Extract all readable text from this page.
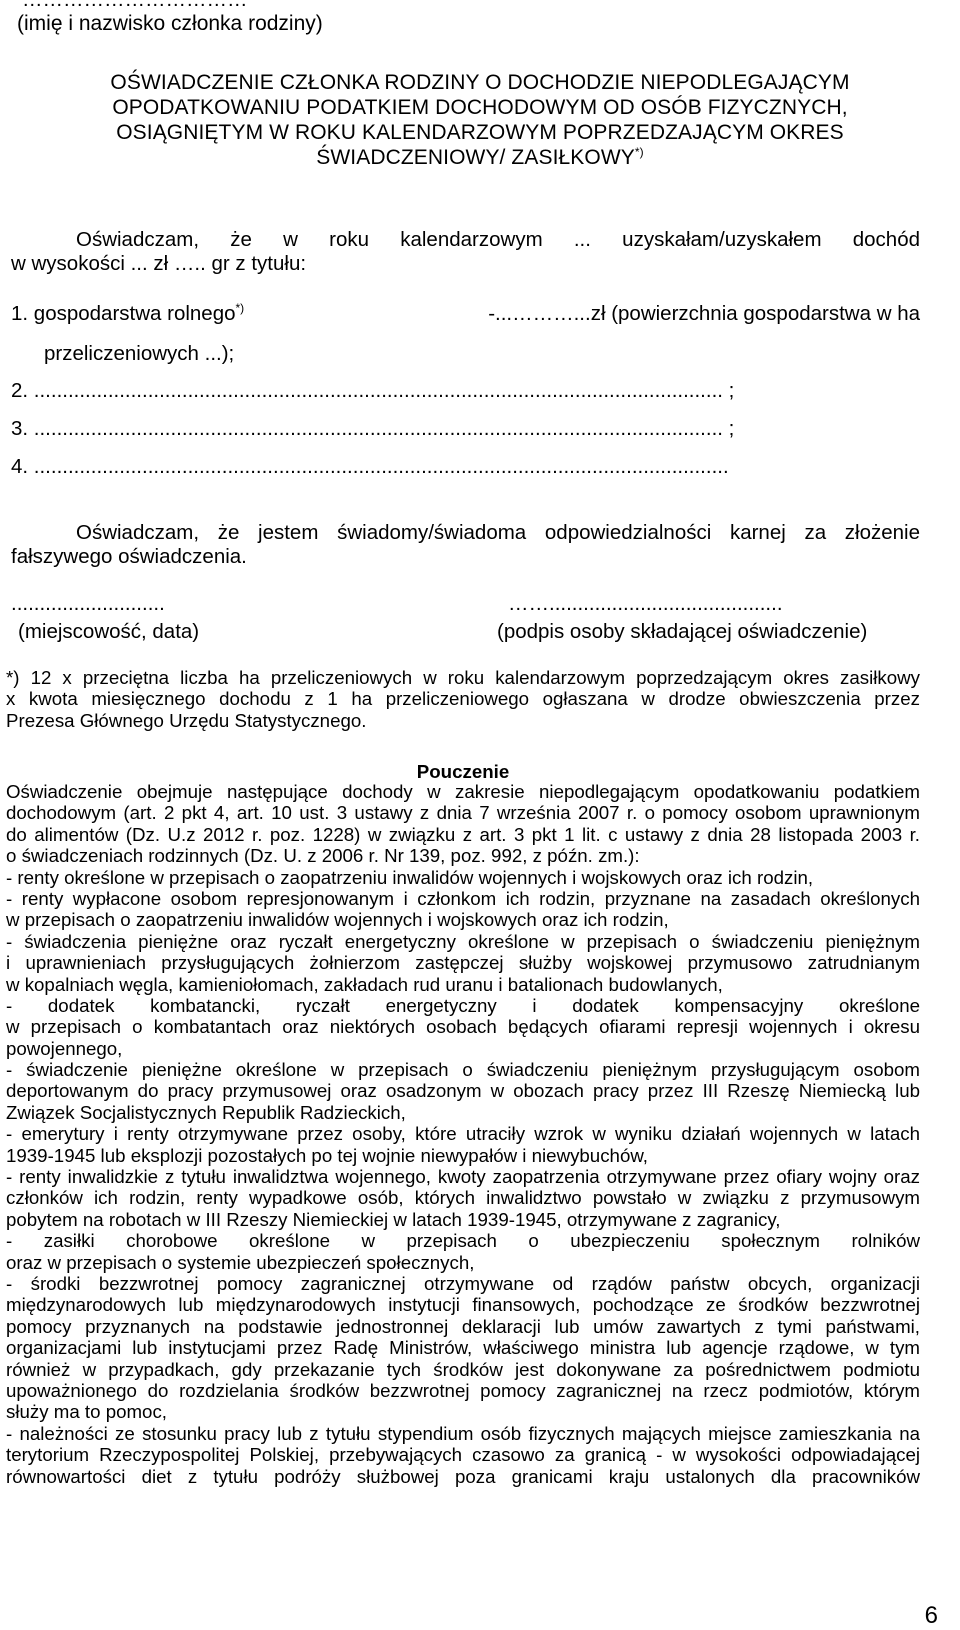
(imię i nazwisko członka rodziny)
OŚWIADCZENIE CZŁONKA RODZINY O DOCHODZIE NIEPODLEGAJĄCYM
OPODATKOWANIU PODATKIEM DOCHODOWYM OD OSÓB FIZYCZNYCH,
OSIĄGNIĘTYM W ROKU KALENDARZOWYM POPRZEDZAJĄCYM OKRES
ŚWIADCZENIOWY/ ZASIŁKOWY*)
Oświadczam, że w roku kalendarzowym ... uzyskałam/uzyskałem dochód
w wysokości ... zł ….. gr z tytułu:
1. gospodarstwa rolnego*)	-...………...zł (powierzchnia gospodarstwa w ha
przeliczeniowych ...);
2. ......................................................................................................................... ;
3. ......................................................................................................................... ;
4. ..........................................................................................................................
Oświadczam, że jestem świadomy/świadoma odpowiedzialności karnej za złożenie
fałszywego oświadczenia.
...........................
(miejscowość, data)
…….........................................
(podpis osoby składającej oświadczenie)
*) 12 x przeciętna liczba ha przeliczeniowych w roku kalendarzowym poprzedzającym okres zasiłkowy
x kwota miesięcznego dochodu z 1 ha przeliczeniowego ogłaszana w drodze obwieszczenia przez
Prezesa Głównego Urzędu Statystycznego.
Pouczenie
Oświadczenie obejmuje następujące dochody w zakresie niepodlegającym opodatkowaniu podatkiem
dochodowym (art. 2 pkt 4, art. 10 ust. 3 ustawy z dnia 7 września 2007 r. o pomocy osobom uprawnionym
do alimentów (Dz. U.z 2012 r. poz. 1228) w związku z art. 3 pkt 1 lit. c ustawy z dnia 28 listopada 2003 r.
o świadczeniach rodzinnych (Dz. U. z 2006 r. Nr 139, poz. 992, z późn. zm.):
- renty określone w przepisach o zaopatrzeniu inwalidów wojennych i wojskowych oraz ich rodzin,
- renty wypłacone osobom represjonowanym i członkom ich rodzin, przyznane na zasadach określonych
w przepisach o zaopatrzeniu inwalidów wojennych i wojskowych oraz ich rodzin,
- świadczenia pieniężne oraz ryczałt energetyczny określone w przepisach o świadczeniu pieniężnym
i uprawnieniach przysługujących żołnierzom zastępczej służby wojskowej przymusowo zatrudnianym
w kopalniach węgla, kamieniołomach, zakładach rud uranu i batalionach budowlanych,
- dodatek kombatancki, ryczałt energetyczny i dodatek kompensacyjny określone
w przepisach o kombatantach oraz niektórych osobach będących ofiarami represji wojennych i okresu
powojennego,
- świadczenie pieniężne określone w przepisach o świadczeniu pieniężnym przysługującym osobom
deportowanym do pracy przymusowej oraz osadzonym w obozach pracy przez III Rzeszę Niemiecką lub
Związek Socjalistycznych Republik Radzieckich,
- emerytury i renty otrzymywane przez osoby, które utraciły wzrok w wyniku działań wojennych w latach
1939-1945 lub eksplozji pozostałych po tej wojnie niewypałów i niewybuchów,
- renty inwalidzkie z tytułu inwalidztwa wojennego, kwoty zaopatrzenia otrzymywane przez ofiary wojny oraz
członków ich rodzin, renty wypadkowe osób, których inwalidztwo powstało w związku z przymusowym
pobytem na robotach w III Rzeszy Niemieckiej w latach 1939-1945, otrzymywane z zagranicy,
- zasiłki chorobowe określone w przepisach o ubezpieczeniu społecznym rolników
oraz w przepisach o systemie ubezpieczeń społecznych,
- środki bezzwrotnej pomocy zagranicznej otrzymywane od rządów państw obcych, organizacji
międzynarodowych lub międzynarodowych instytucji finansowych, pochodzące ze środków bezzwrotnej
pomocy przyznanych na podstawie jednostronnej deklaracji lub umów zawartych z tymi państwami,
organizacjami lub instytucjami przez Radę Ministrów, właściwego ministra lub agencje rządowe, w tym
również w przypadkach, gdy przekazanie tych środków jest dokonywane za pośrednictwem podmiotu
upoważnionego do rozdzielania środków bezzwrotnej pomocy zagranicznej na rzecz podmiotów, którym
służy ma to pomoc,
- należności ze stosunku pracy lub z tytułu stypendium osób fizycznych mających miejsce zamieszkania na
terytorium Rzeczypospolitej Polskiej, przebywających czasowo za granicą - w wysokości odpowiadającej
równowartości diet z tytułu podróży służbowej poza granicami kraju ustalonych dla pracowników
6
